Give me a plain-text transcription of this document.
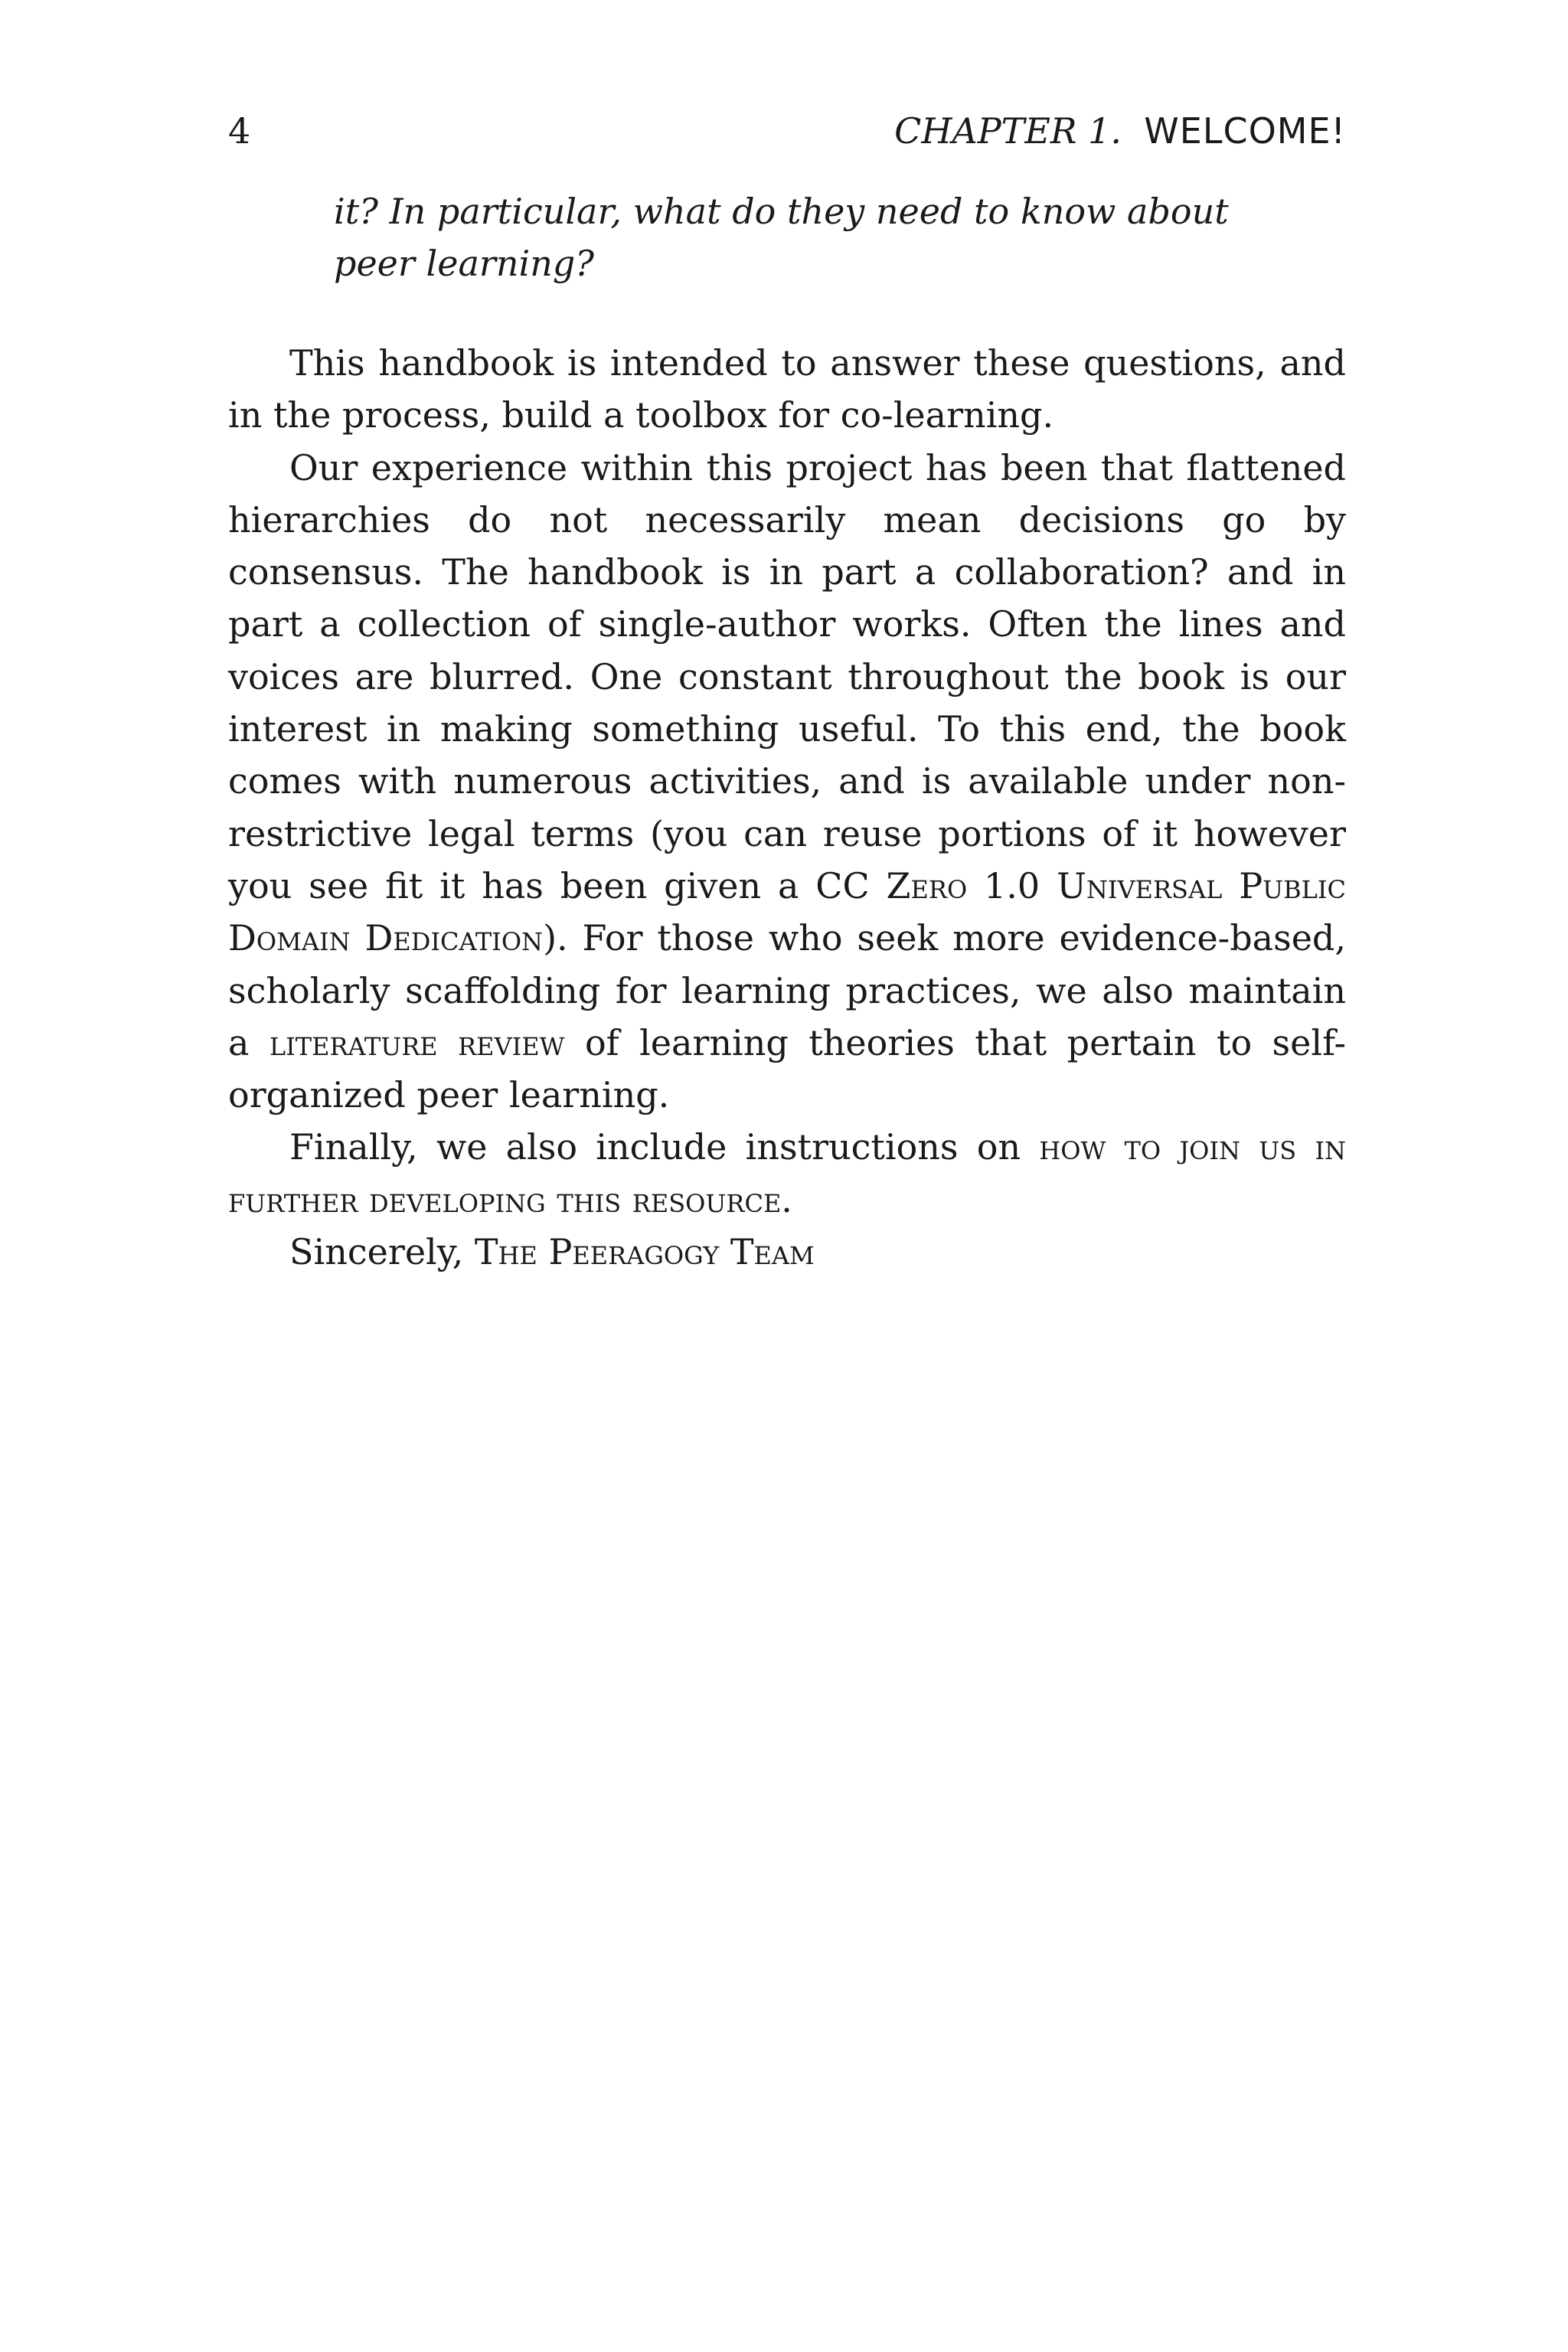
4	CHAPTER 1. WELCOME!
it? In particular, what do they need to know about
peer learning?

This handbook is intended to answer these questions, and in the process, build a toolbox for co-learning.

Our experience within this project has been that flattened hierarchies do not necessarily mean decisions go by consensus. The handbook is in part a collaboration? and in part a collection of single-author works. Often the lines and voices are blurred. One constant throughout the book is our interest in making something useful. To this end, the book comes with numerous activities, and is available under non-restrictive legal terms (you can reuse portions of it however you see fit it has been given a CC Zero 1.0 Universal Public Domain Dedication). For those who seek more evidence-based, scholarly scaffolding for learning practices, we also maintain a literature review of learning theories that pertain to self-organized peer learning.

Finally, we also include instructions on how to join us in further developing this resource.

Sincerely, The Peeragogy Team
